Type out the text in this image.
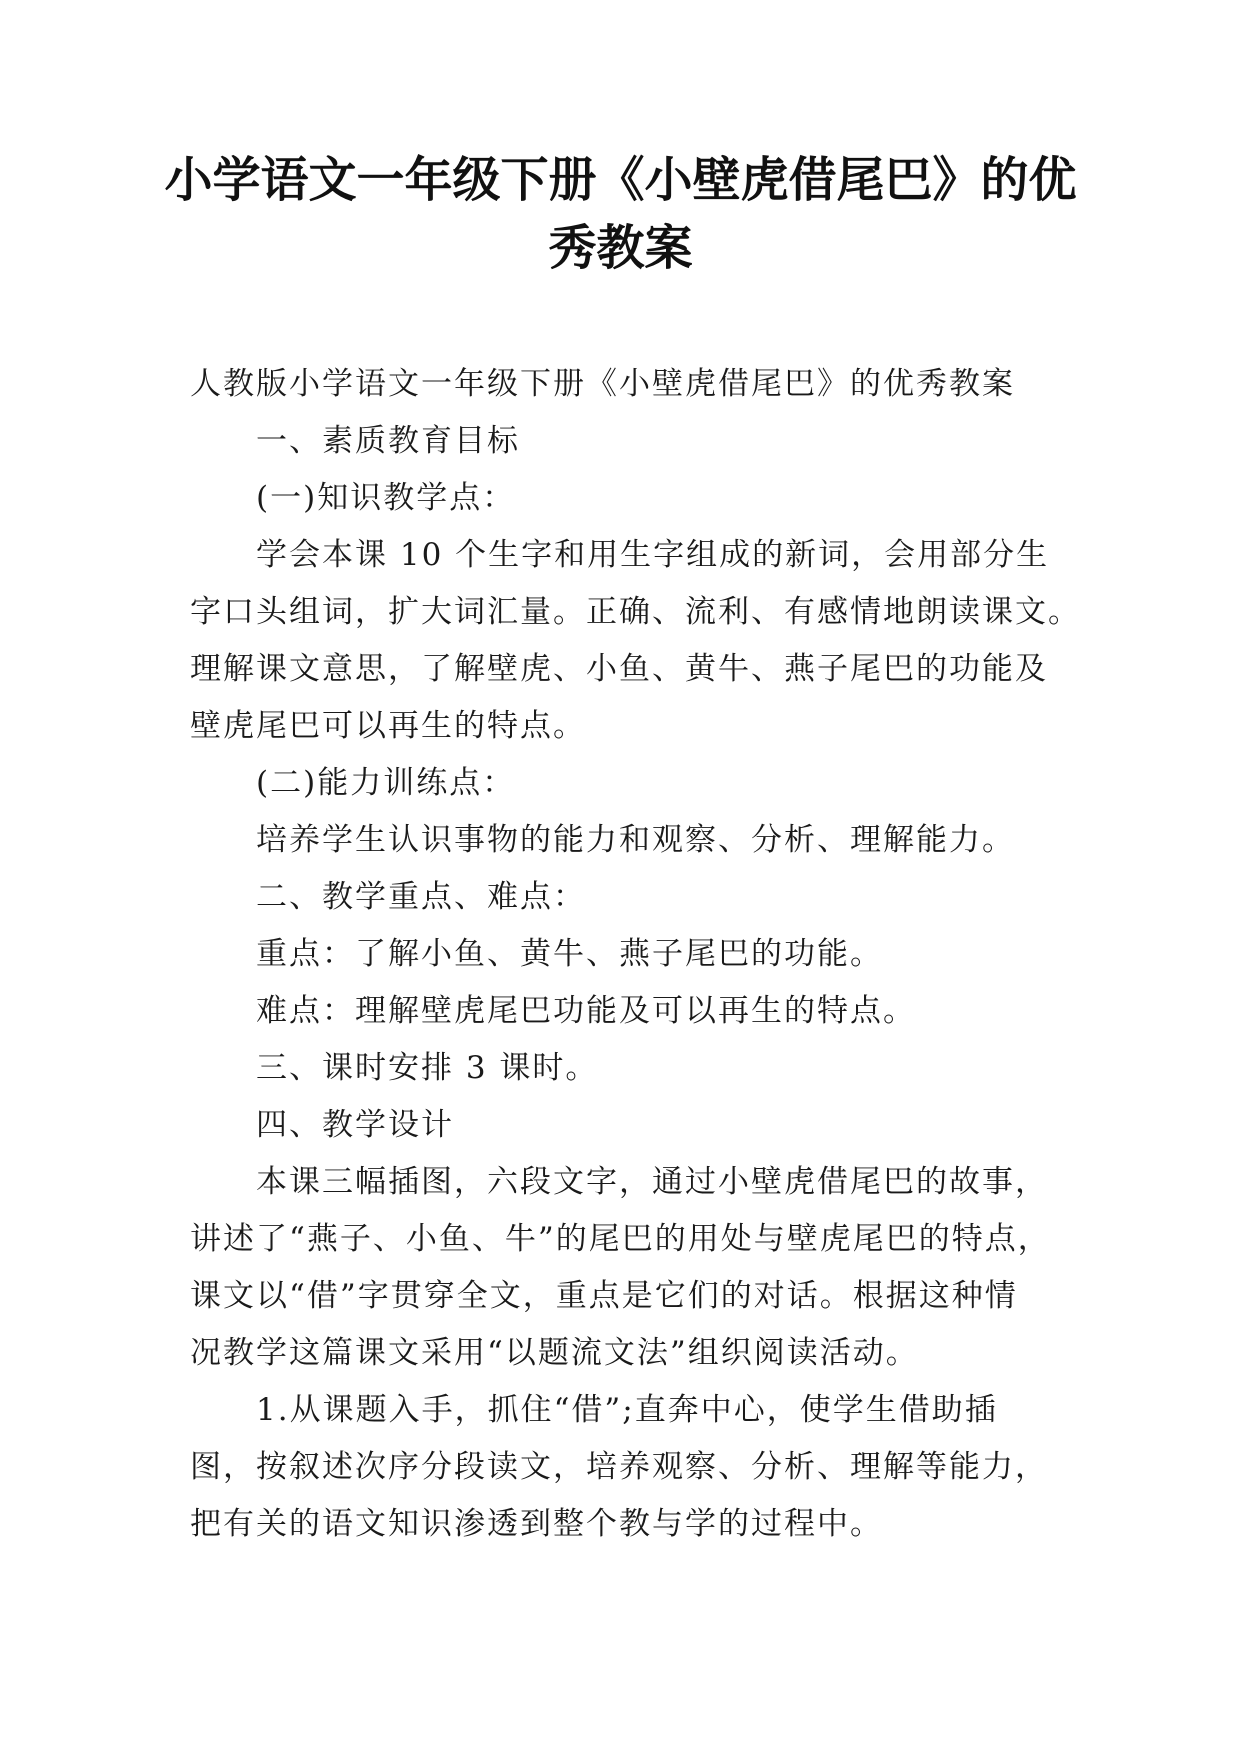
小学语文一年级下册《小壁虎借尾巴》的优
秀教案
人教版小学语文一年级下册《小壁虎借尾巴》的优秀教案
一、素质教育目标
(一)知识教学点：
学会本课 10 个生字和用生字组成的新词，会用部分生
字口头组词，扩大词汇量。正确、流利、有感情地朗读课文。
理解课文意思，了解壁虎、小鱼、黄牛、燕子尾巴的功能及
壁虎尾巴可以再生的特点。
(二)能力训练点：
培养学生认识事物的能力和观察、分析、理解能力。
二、教学重点、难点：
重点：了解小鱼、黄牛、燕子尾巴的功能。
难点：理解壁虎尾巴功能及可以再生的特点。
三、课时安排 3 课时。
四、教学设计
本课三幅插图，六段文字，通过小壁虎借尾巴的故事，
讲述了“燕子、小鱼、牛”的尾巴的用处与壁虎尾巴的特点，
课文以“借”字贯穿全文，重点是它们的对话。根据这种情
况教学这篇课文采用“以题流文法”组织阅读活动。
1.从课题入手，抓住“借”;直奔中心，使学生借助插
图，按叙述次序分段读文，培养观察、分析、理解等能力，
把有关的语文知识渗透到整个教与学的过程中。
